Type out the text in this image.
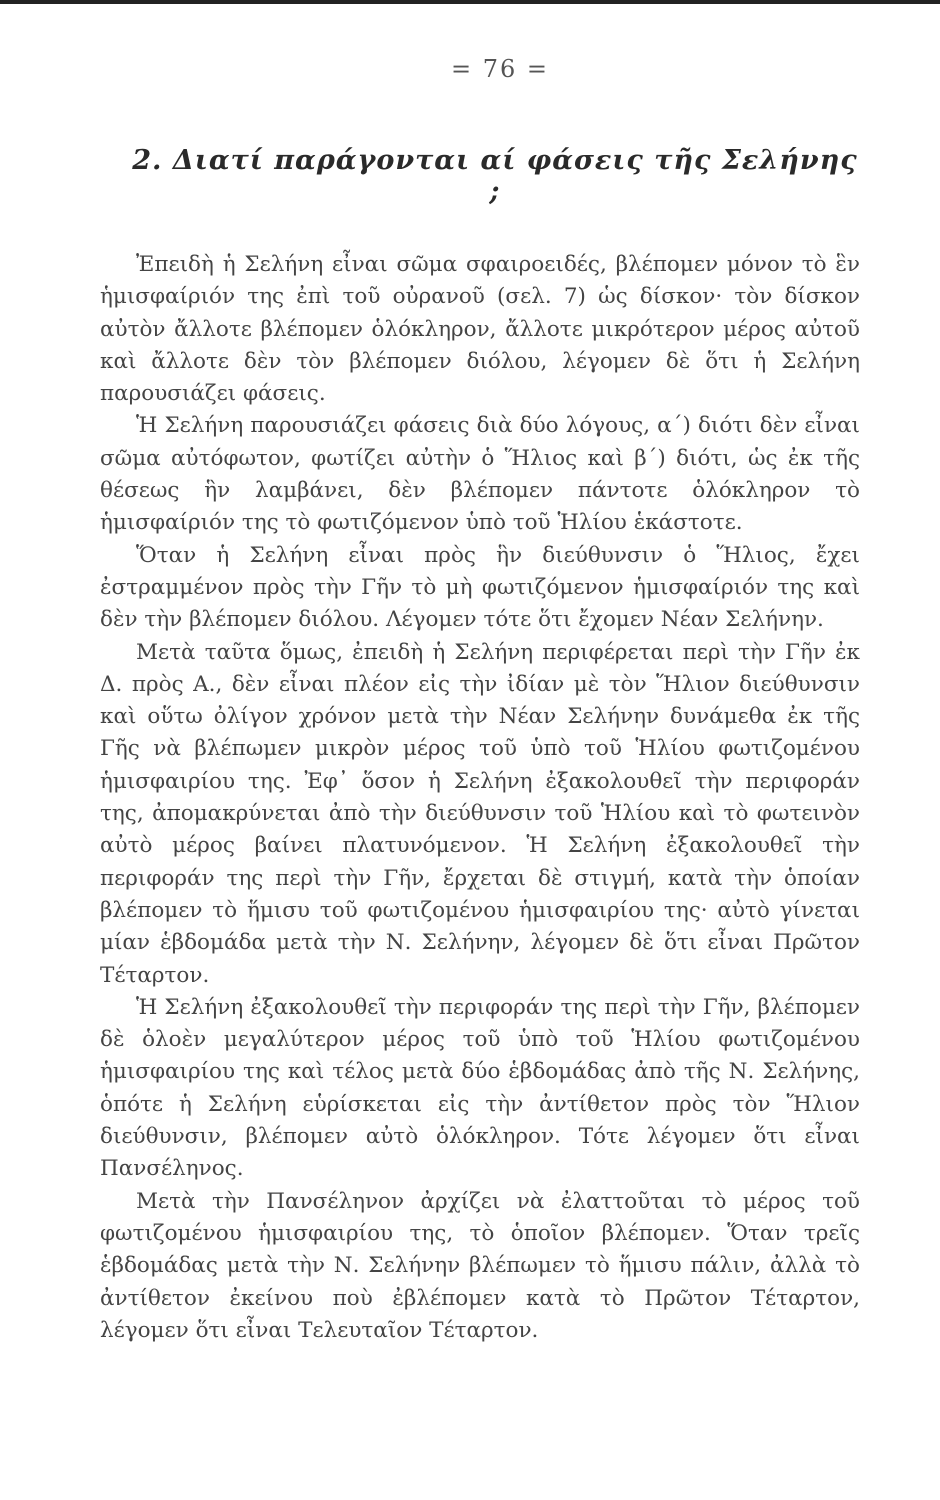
= 76 =
2. Διατί παράγονται αί φάσεις τῆς Σελήνης ;

Ἐπειδὴ ἡ Σελήνη εἶναι σῶμα σφαιροειδές, βλέπομεν μόνον τὸ ἓν ἡμισφαίριόν της ἐπὶ τοῦ οὐρανοῦ (σελ. 7) ὡς δίσκον· τὸν δίσκον αὐτὸν ἄλλοτε βλέπομεν ὁλόκληρον, ἄλλοτε μικρότερον μέρος αὐτοῦ καὶ ἄλλοτε δὲν τὸν βλέπομεν διόλου, λέγομεν δὲ ὅτι ἡ Σελήνη παρουσιάζει φάσεις.

Ἡ Σελήνη παρουσιάζει φάσεις διὰ δύο λόγους, α΄) διότι δὲν εἶναι σῶμα αὐτόφωτον, φωτίζει αὐτὴν ὁ Ἥλιος καὶ β΄) διότι, ὡς ἐκ τῆς θέσεως ἣν λαμβάνει, δὲν βλέπομεν πάντοτε ὁλόκληρον τὸ ἡμισφαίριόν της τὸ φωτιζόμενον ὑπὸ τοῦ Ἡλίου ἑκάστοτε.

Ὅταν ἡ Σελήνη εἶναι πρὸς ἣν διεύθυνσιν ὁ Ἥλιος, ἔχει ἐστραμμένον πρὸς τὴν Γῆν τὸ μὴ φωτιζόμενον ἡμισφαίριόν της καὶ δὲν τὴν βλέπομεν διόλου. Λέγομεν τότε ὅτι ἔχομεν Νέαν Σελήνην.

Μετὰ ταῦτα ὅμως, ἐπειδὴ ἡ Σελήνη περιφέρεται περὶ τὴν Γῆν ἐκ Δ. πρὸς Α., δὲν εἶναι πλέον εἰς τὴν ἰδίαν μὲ τὸν Ἥλιον διεύθυνσιν καὶ οὕτω ὀλίγον χρόνον μετὰ τὴν Νέαν Σελήνην δυνάμεθα ἐκ τῆς Γῆς νὰ βλέπωμεν μικρὸν μέρος τοῦ ὑπὸ τοῦ Ἡλίου φωτιζομένου ἡμισφαιρίου της. Ἐφ᾽ ὅσον ἡ Σελήνη ἐξακολουθεῖ τὴν περιφοράν της, ἀπομακρύνεται ἀπὸ τὴν διεύθυνσιν τοῦ Ἡλίου καὶ τὸ φωτεινὸν αὐτὸ μέρος βαίνει πλατυνόμενον. Ἡ Σελήνη ἐξακολουθεῖ τὴν περιφοράν της περὶ τὴν Γῆν, ἔρχεται δὲ στιγμή, κατὰ τὴν ὁποίαν βλέπομεν τὸ ἥμισυ τοῦ φωτιζομένου ἡμισφαιρίου της· αὐτὸ γίνεται μίαν ἑβδομάδα μετὰ τὴν Ν. Σελήνην, λέγομεν δὲ ὅτι εἶναι Πρῶτον Τέταρτον.

Ἡ Σελήνη ἐξακολουθεῖ τὴν περιφοράν της περὶ τὴν Γῆν, βλέπομεν δὲ ὁλοὲν μεγαλύτερον μέρος τοῦ ὑπὸ τοῦ Ἡλίου φωτιζομένου ἡμισφαιρίου της καὶ τέλος μετὰ δύο ἑβδομάδας ἀπὸ τῆς Ν. Σελήνης, ὁπότε ἡ Σελήνη εὑρίσκεται εἰς τὴν ἀντίθετον πρὸς τὸν Ἥλιον διεύθυνσιν, βλέπομεν αὐτὸ ὁλόκληρον. Τότε λέγομεν ὅτι εἶναι Πανσέληνος.

Μετὰ τὴν Πανσέληνον ἀρχίζει νὰ ἐλαττοῦται τὸ μέρος τοῦ φωτιζομένου ἡμισφαιρίου της, τὸ ὁποῖον βλέπομεν. Ὅταν τρεῖς ἑβδομάδας μετὰ τὴν Ν. Σελήνην βλέπωμεν τὸ ἥμισυ πάλιν, ἀλλὰ τὸ ἀντίθετον ἐκείνου ποὺ ἐβλέπομεν κατὰ τὸ Πρῶτον Τέταρτον, λέγομεν ὅτι εἶναι Τελευταῖον Τέταρτον.
